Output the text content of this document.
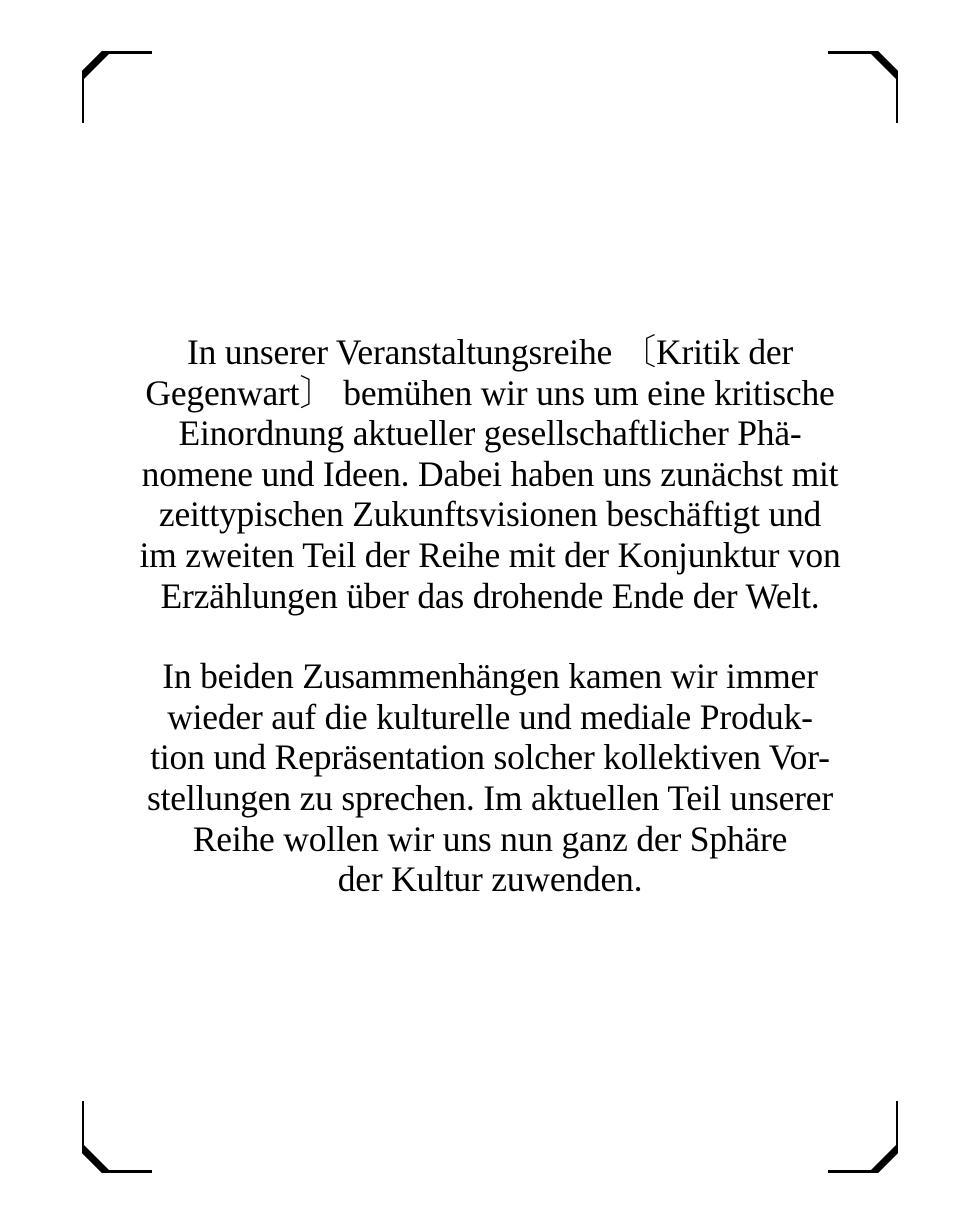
In unserer Veranstaltungsreihe 〔Kritik der
Gegenwart〕 bemühen wir uns um eine kritische
Einordnung aktueller gesellschaftlicher Phä-
nomene und Ideen. Dabei haben uns zunächst mit
zeittypischen Zukunftsvisionen beschäftigt und
im zweiten Teil der Reihe mit der Konjunktur von
Erzählungen über das drohende Ende der Welt.

In beiden Zusammenhängen kamen wir immer
wieder auf die kulturelle und mediale Produk-
tion und Repräsentation solcher kollektiven Vor-
stellungen zu sprechen. Im aktuellen Teil unserer
Reihe wollen wir uns nun ganz der Sphäre
der Kultur zuwenden.
